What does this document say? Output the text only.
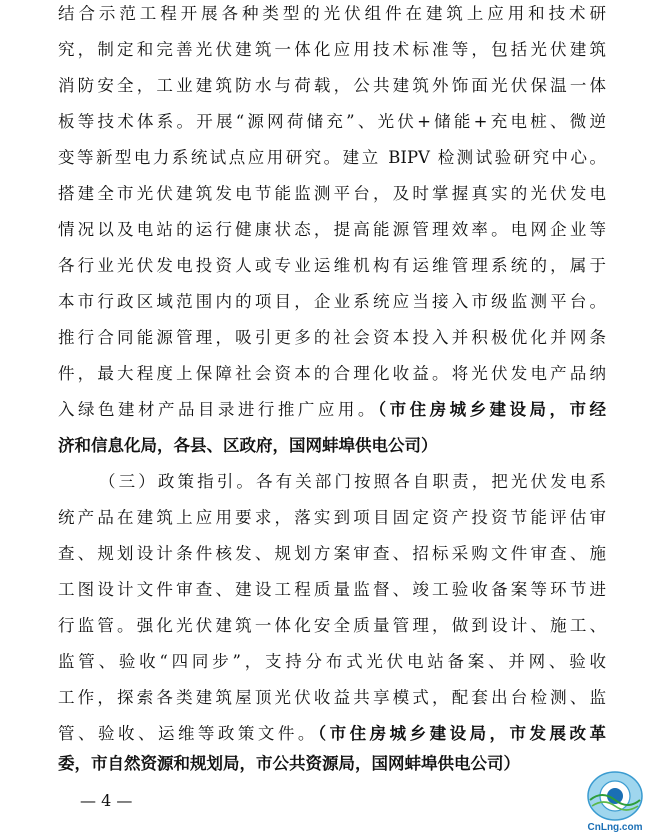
结合示范工程开展各种类型的光伏组件在建筑上应用和技术研
究，制定和完善光伏建筑一体化应用技术标准等，包括光伏建筑
消防安全，工业建筑防水与荷载，公共建筑外饰面光伏保温一体
板等技术体系。开展“源网荷储充”、光伏+储能+充电桩、微逆
变等新型电力系统试点应用研究。建立 BIPV 检测试验研究中心。
搭建全市光伏建筑发电节能监测平台，及时掌握真实的光伏发电
情况以及电站的运行健康状态，提高能源管理效率。电网企业等
各行业光伏发电投资人或专业运维机构有运维管理系统的，属于
本市行政区域范围内的项目，企业系统应当接入市级监测平台。
推行合同能源管理，吸引更多的社会资本投入并积极优化并网条
件，最大程度上保障社会资本的合理化收益。将光伏发电产品纳
入绿色建材产品目录进行推广应用。（市住房城乡建设局，市经
济和信息化局，各县、区政府，国网蚌埠供电公司）
（三）政策指引。各有关部门按照各自职责，把光伏发电系
统产品在建筑上应用要求，落实到项目固定资产投资节能评估审
查、规划设计条件核发、规划方案审查、招标采购文件审查、施
工图设计文件审查、建设工程质量监督、竣工验收备案等环节进
行监管。强化光伏建筑一体化安全质量管理，做到设计、施工、
监管、验收“四同步”，支持分布式光伏电站备案、并网、验收
工作，探索各类建筑屋顶光伏收益共享模式，配套出台检测、监
管、验收、运维等政策文件。（市住房城乡建设局，市发展改革
委，市自然资源和规划局，市公共资源局，国网蚌埠供电公司）
— 4 —
CnLng.com
